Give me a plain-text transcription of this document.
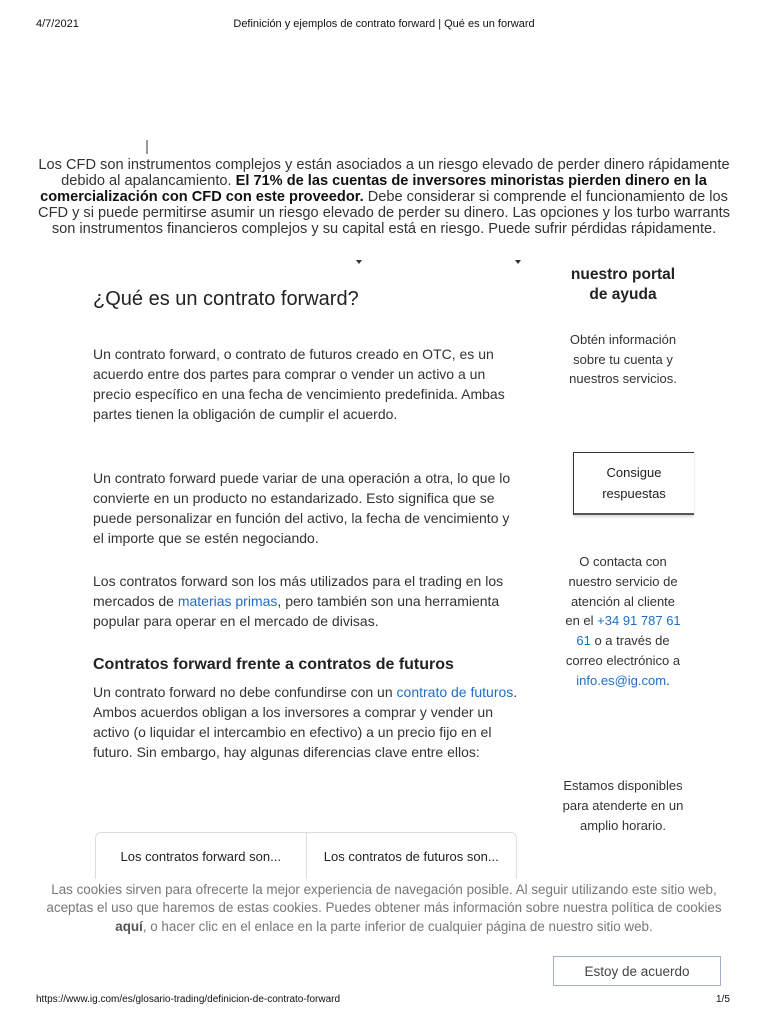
4/7/2021	Definición y ejemplos de contrato forward | Qué es un forward
Los CFD son instrumentos complejos y están asociados a un riesgo elevado de perder dinero rápidamente debido al apalancamiento. El 71% de las cuentas de inversores minoristas pierden dinero en la comercialización con CFD con este proveedor. Debe considerar si comprende el funcionamiento de los CFD y si puede permitirse asumir un riesgo elevado de perder su dinero. Las opciones y los turbo warrants son instrumentos financieros complejos y su capital está en riesgo. Puede sufrir pérdidas rápidamente.
¿Qué es un contrato forward?
Un contrato forward, o contrato de futuros creado en OTC, es un acuerdo entre dos partes para comprar o vender un activo a un precio específico en una fecha de vencimiento predefinida. Ambas partes tienen la obligación de cumplir el acuerdo.
Un contrato forward puede variar de una operación a otra, lo que lo convierte en un producto no estandarizado. Esto significa que se puede personalizar en función del activo, la fecha de vencimiento y el importe que se estén negociando.
Los contratos forward son los más utilizados para el trading en los mercados de materias primas, pero también son una herramienta popular para operar en el mercado de divisas.
Contratos forward frente a contratos de futuros
Un contrato forward no debe confundirse con un contrato de futuros. Ambos acuerdos obligan a los inversores a comprar y vender un activo (o liquidar el intercambio en efectivo) a un precio fijo en el futuro. Sin embargo, hay algunas diferencias clave entre ellos:
Los contratos forward son...	Los contratos de futuros son...
nuestro portal de ayuda
Obtén información sobre tu cuenta y nuestros servicios.
Consigue respuestas
O contacta con nuestro servicio de atención al cliente en el +34 91 787 61 61 o a través de correo electrónico a info.es@ig.com.
Estamos disponibles para atenderte en un amplio horario.
Las cookies sirven para ofrecerte la mejor experiencia de navegación posible. Al seguir utilizando este sitio web, aceptas el uso que haremos de estas cookies. Puedes obtener más información sobre nuestra política de cookies aquí, o hacer clic en el enlace en la parte inferior de cualquier página de nuestro sitio web.
Estoy de acuerdo
https://www.ig.com/es/glosario-trading/definicion-de-contrato-forward	1/5
